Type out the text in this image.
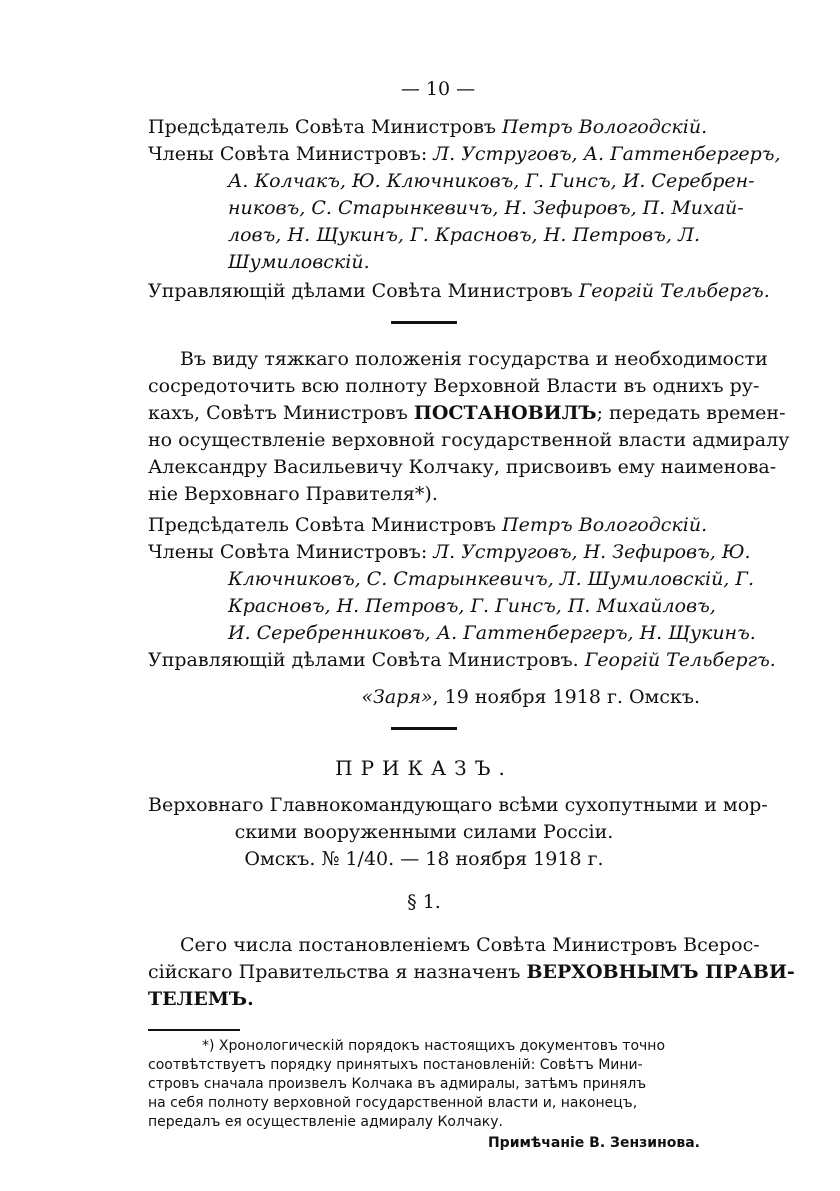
— 10 —
Предсѣдатель Совѣта Министровъ Петръ Вологодскій.
Члены Совѣта Министровъ: Л. Уструговъ, А. Гаттенбергеръ,
А. Колчакъ, Ю. Ключниковъ, Г. Гинсъ, И. Серебрен-
никовъ, С. Старынкевичъ, Н. Зефировъ, П. Михай-
ловъ, Н. Щукинъ, Г. Красновъ, Н. Петровъ, Л.
Шумиловскій.
Управляющій дѣлами Совѣта Министровъ Георгій Тельбергъ.
Въ виду тяжкаго положенія государства и необходимости
сосредоточить всю полноту Верховной Власти въ однихъ ру-
кахъ, Совѣтъ Министровъ ПОСТАНОВИЛЪ; передать времен-
но осуществленіе верховной государственной власти адмиралу
Александру Васильевичу Колчаку, присвоивъ ему наименова-
ніе Верховнаго Правителя*).
Предсѣдатель Совѣта Министровъ Петръ Вологодскій.
Члены Совѣта Министровъ: Л. Уструговъ, Н. Зефировъ, Ю.
Ключниковъ, С. Старынкевичъ, Л. Шумиловскій, Г.
Красновъ, Н. Петровъ, Г. Гинсъ, П. Михайловъ,
И. Серебренниковъ, А. Гаттенбергеръ, Н. Щукинъ.
Управляющій дѣлами Совѣта Министровъ. Георгій Тельбергъ.
«Заря», 19 ноября 1918 г. Омскъ.
ПРИКАЗЪ.
Верховнаго Главнокомандующаго всѣми сухопутными и мор-
скими вооруженными силами Россіи.
Омскъ. № 1/40. — 18 ноября 1918 г.
§ 1.
Сего числа постановленіемъ Совѣта Министровъ Всерос-
сійскаго Правительства я назначенъ ВЕРХОВНЫМЪ ПРАВИ-
ТЕЛЕМЪ.
*) Хронологическій порядокъ настоящихъ документовъ точно
соотвѣтствуетъ порядку принятыхъ постановленій: Совѣтъ Мини-
стровъ сначала произвелъ Колчака въ адмиралы, затѣмъ принялъ
на себя полноту верховной государственной власти и, наконецъ,
передалъ ея осуществленіе адмиралу Колчаку.
Примѣчаніе В. Зензинова.
